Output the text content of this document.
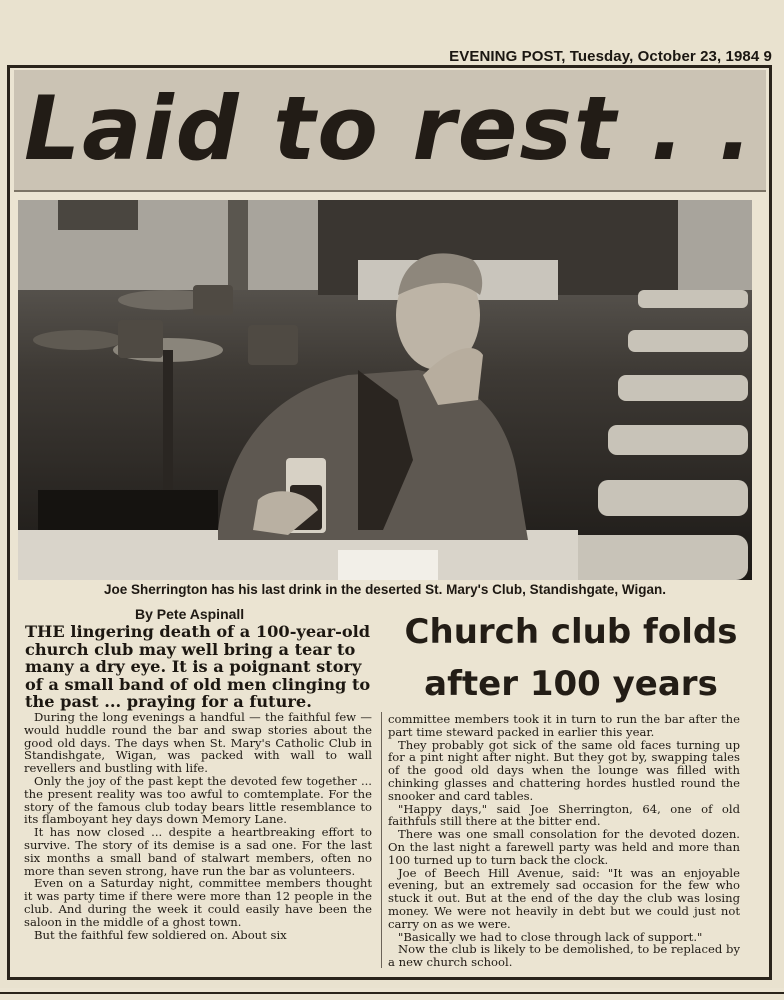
EVENING POST, Tuesday, October 23, 1984 9
Laid to rest . .
Joe Sherrington has his last drink in the deserted St. Mary's Club, Standishgate, Wigan.
By Pete Aspinall
THE lingering death of a 100-year-old church club may well bring a tear to many a dry eye. It is a poignant story of a small band of old men clinging to the past ... praying for a future.
Church club folds
after 100 years

During the long evenings a handful — the faithful few — would huddle round the bar and swap stories about the good old days. The days when St. Mary's Catholic Club in Standishgate, Wigan, was packed with wall to wall revellers and bustling with life.

Only the joy of the past kept the devoted few together ... the present reality was too awful to comtemplate. For the story of the famous club today bears little resemblance to its flamboyant hey days down Memory Lane.

It has now closed ... despite a heartbreaking effort to survive. The story of its demise is a sad one. For the last six months a small band of stalwart members, often no more than seven strong, have run the bar as volunteers.

Even on a Saturday night, committee members thought it was party time if there were more than 12 people in the club. And during the week it could easily have been the saloon in the middle of a ghost town.

But the faithful few soldiered on. About six

committee members took it in turn to run the bar after the part time steward packed in earlier this year.

They probably got sick of the same old faces turning up for a pint night after night. But they got by, swapping tales of the good old days when the lounge was filled with chinking glasses and chattering hordes hustled round the snooker and card tables.

"Happy days," said Joe Sherrington, 64, one of old faithfuls still there at the bitter end.

There was one small consolation for the devoted dozen. On the last night a farewell party was held and more than 100 turned up to turn back the clock.

Joe of Beech Hill Avenue, said: "It was an enjoyable evening, but an extremely sad occasion for the few who stuck it out. But at the end of the day the club was losing money. We were not heavily in debt but we could just not carry on as we were.

"Basically we had to close through lack of support."

Now the club is likely to be demolished, to be replaced by a new church school.
